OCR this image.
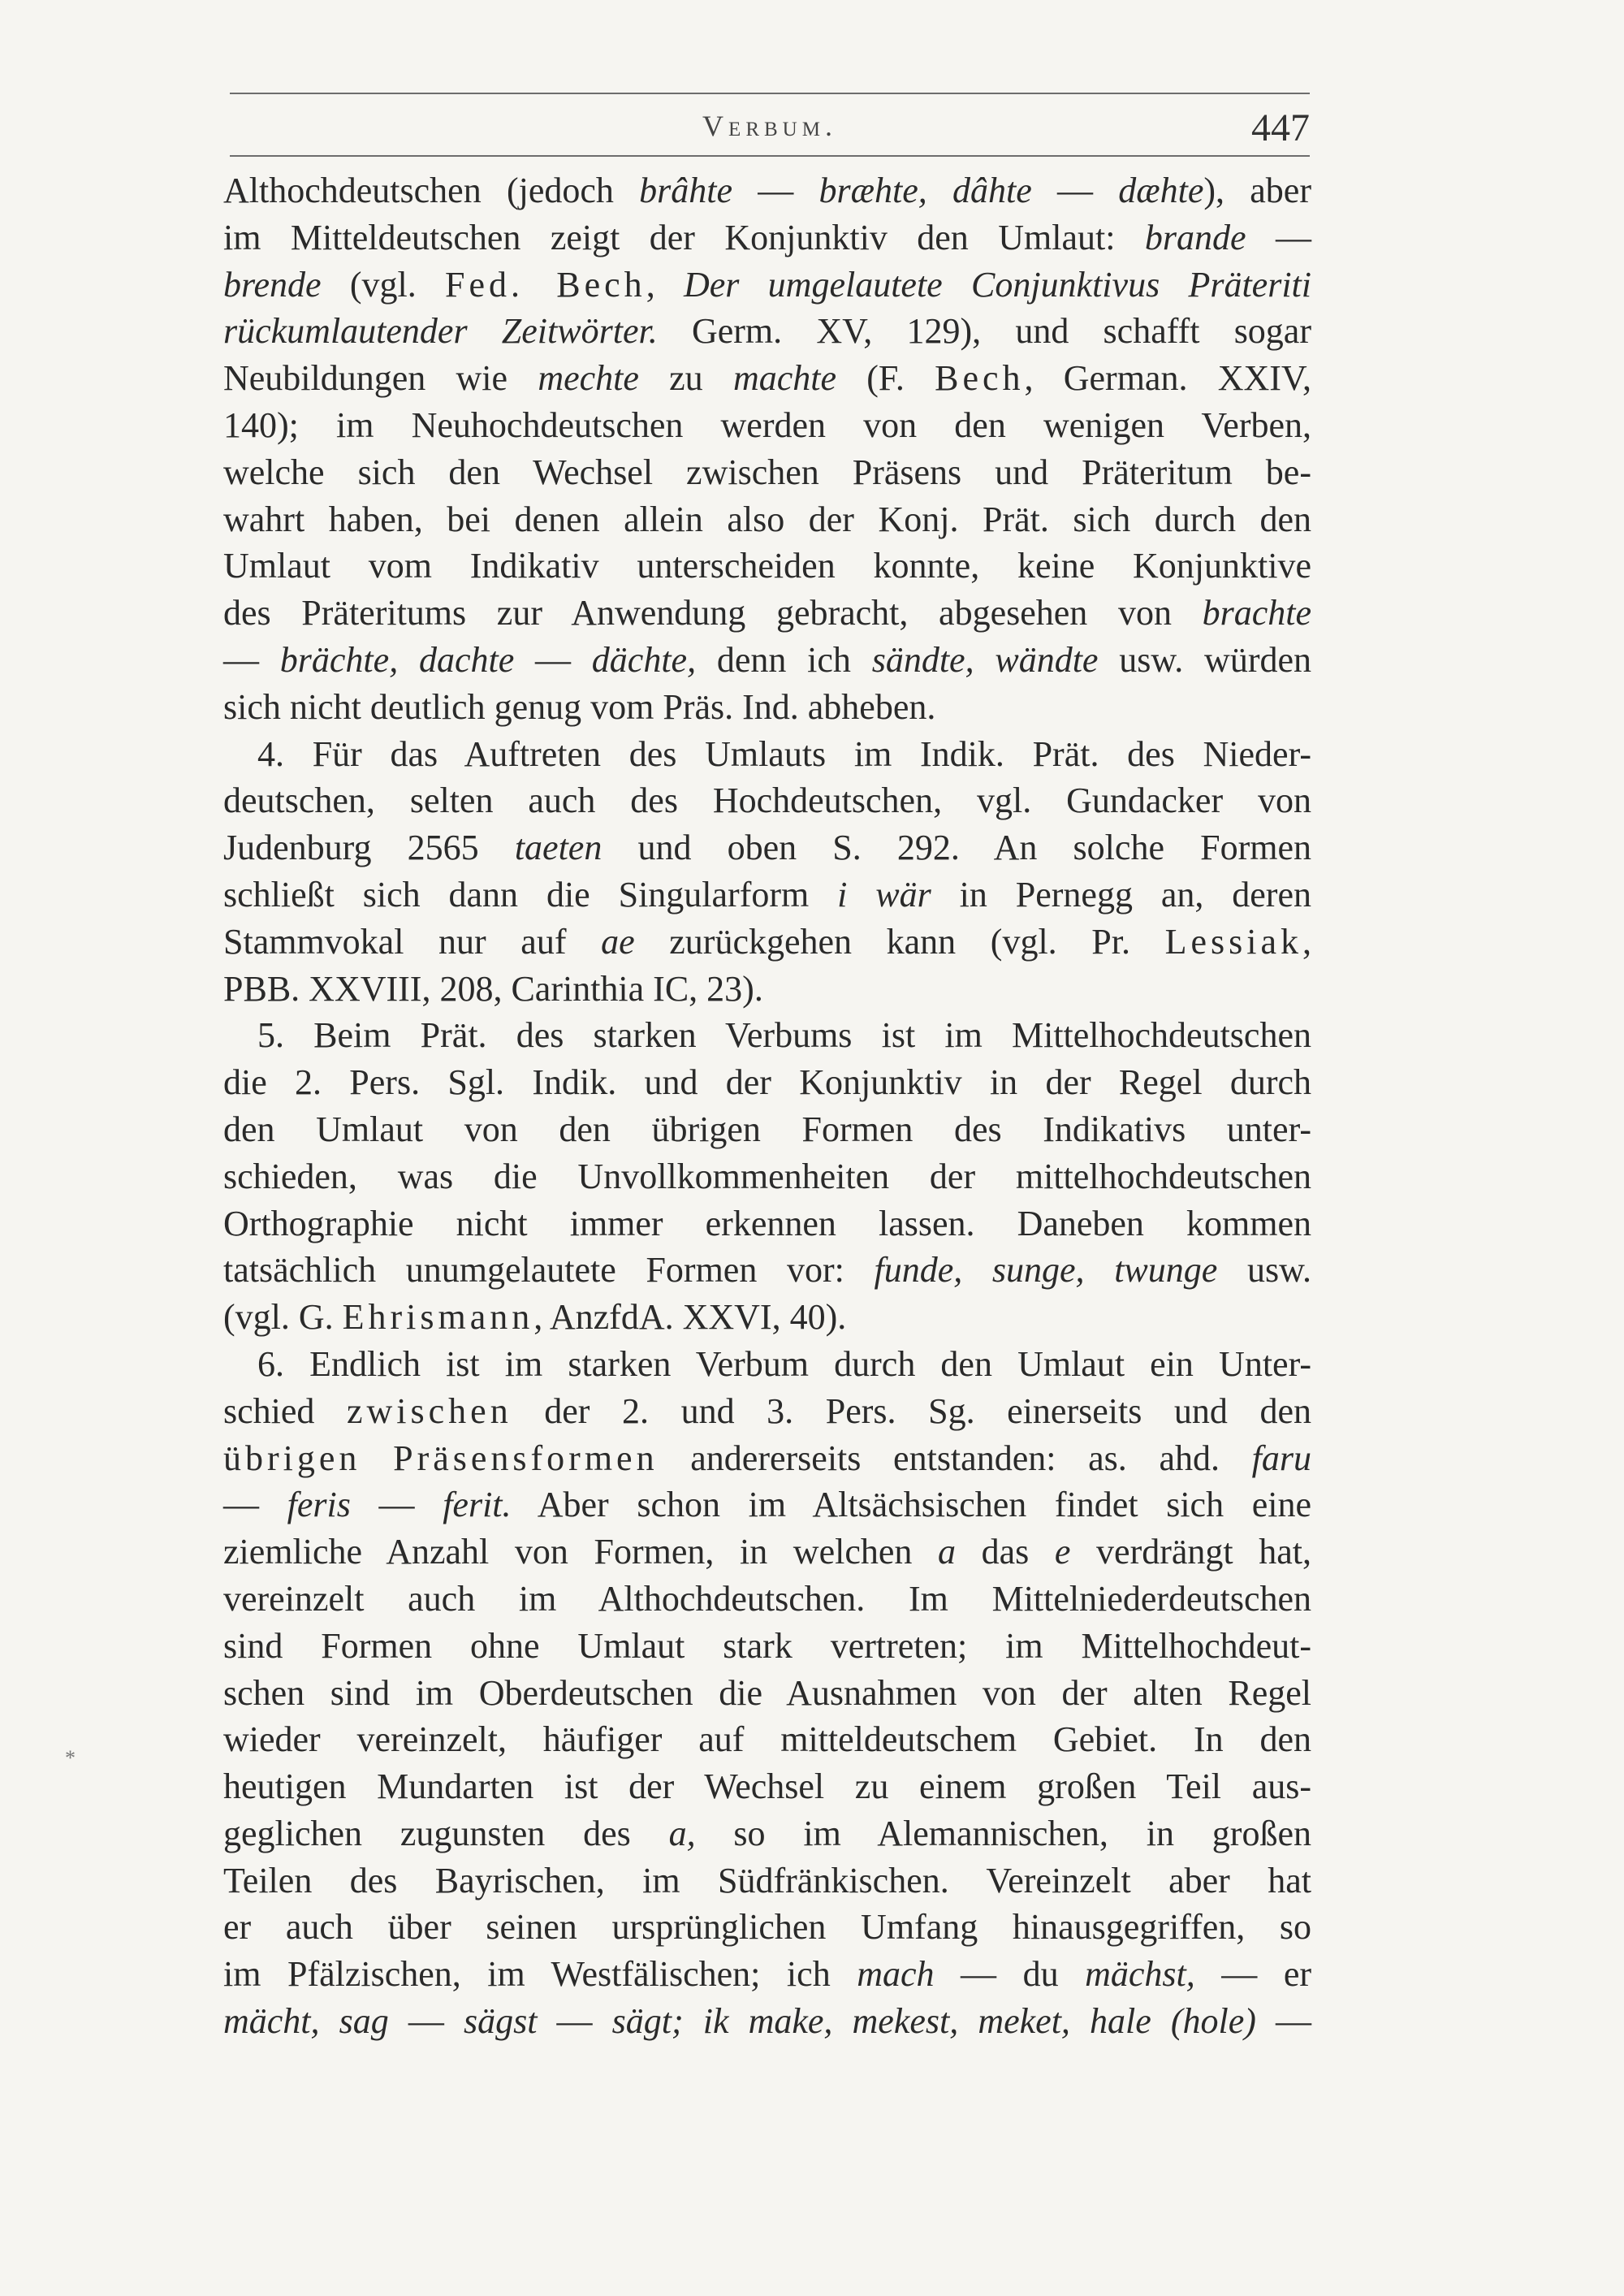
Verbum.	447
Althochdeutschen (jedoch brâhte — bræhte, dâhte — dæhte), aber
im Mitteldeutschen zeigt der Konjunktiv den Umlaut: brande —
brende (vgl. Fed. Bech, Der umgelautete Conjunktivus Präteriti
rückumlautender Zeitwörter. Germ. XV, 129), und schafft sogar
Neubildungen wie mechte zu machte (F. Bech, German. XXIV,
140); im Neuhochdeutschen werden von den wenigen Verben,
welche sich den Wechsel zwischen Präsens und Präteritum be-
wahrt haben, bei denen allein also der Konj. Prät. sich durch den
Umlaut vom Indikativ unterscheiden konnte, keine Konjunktive
des Präteritums zur Anwendung gebracht, abgesehen von brachte
— brächte, dachte — dächte, denn ich sändte, wändte usw. würden
sich nicht deutlich genug vom Präs. Ind. abheben.
4. Für das Auftreten des Umlauts im Indik. Prät. des Nieder-
deutschen, selten auch des Hochdeutschen, vgl. Gundacker von
Judenburg 2565 taeten und oben S. 292. An solche Formen
schließt sich dann die Singularform i wär in Pernegg an, deren
Stammvokal nur auf ae zurückgehen kann (vgl. Pr. Lessiak,
PBB. XXVIII, 208, Carinthia IC, 23).
5. Beim Prät. des starken Verbums ist im Mittelhochdeutschen
die 2. Pers. Sgl. Indik. und der Konjunktiv in der Regel durch
den Umlaut von den übrigen Formen des Indikativs unter-
schieden, was die Unvollkommenheiten der mittelhochdeutschen
Orthographie nicht immer erkennen lassen. Daneben kommen
tatsächlich unumgelautete Formen vor: funde, sunge, twunge usw.
(vgl. G. Ehrismann, AnzfdA. XXVI, 40).
6. Endlich ist im starken Verbum durch den Umlaut ein Unter-
schied zwischen der 2. und 3. Pers. Sg. einerseits und den
übrigen Präsensformen andererseits entstanden: as. ahd. faru
— feris — ferit. Aber schon im Altsächsischen findet sich eine
ziemliche Anzahl von Formen, in welchen a das e verdrängt hat,
vereinzelt auch im Althochdeutschen. Im Mittelniederdeutschen
sind Formen ohne Umlaut stark vertreten; im Mittelhochdeut-
schen sind im Oberdeutschen die Ausnahmen von der alten Regel
wieder vereinzelt, häufiger auf mitteldeutschem Gebiet. In den
heutigen Mundarten ist der Wechsel zu einem großen Teil aus-
geglichen zugunsten des a, so im Alemannischen, in großen
Teilen des Bayrischen, im Südfränkischen. Vereinzelt aber hat
er auch über seinen ursprünglichen Umfang hinausgegriffen, so
im Pfälzischen, im Westfälischen; ich mach — du mächst, — er
mächt, sag — sägst — sägt; ik make, mekest, meket, hale (hole) —
*
